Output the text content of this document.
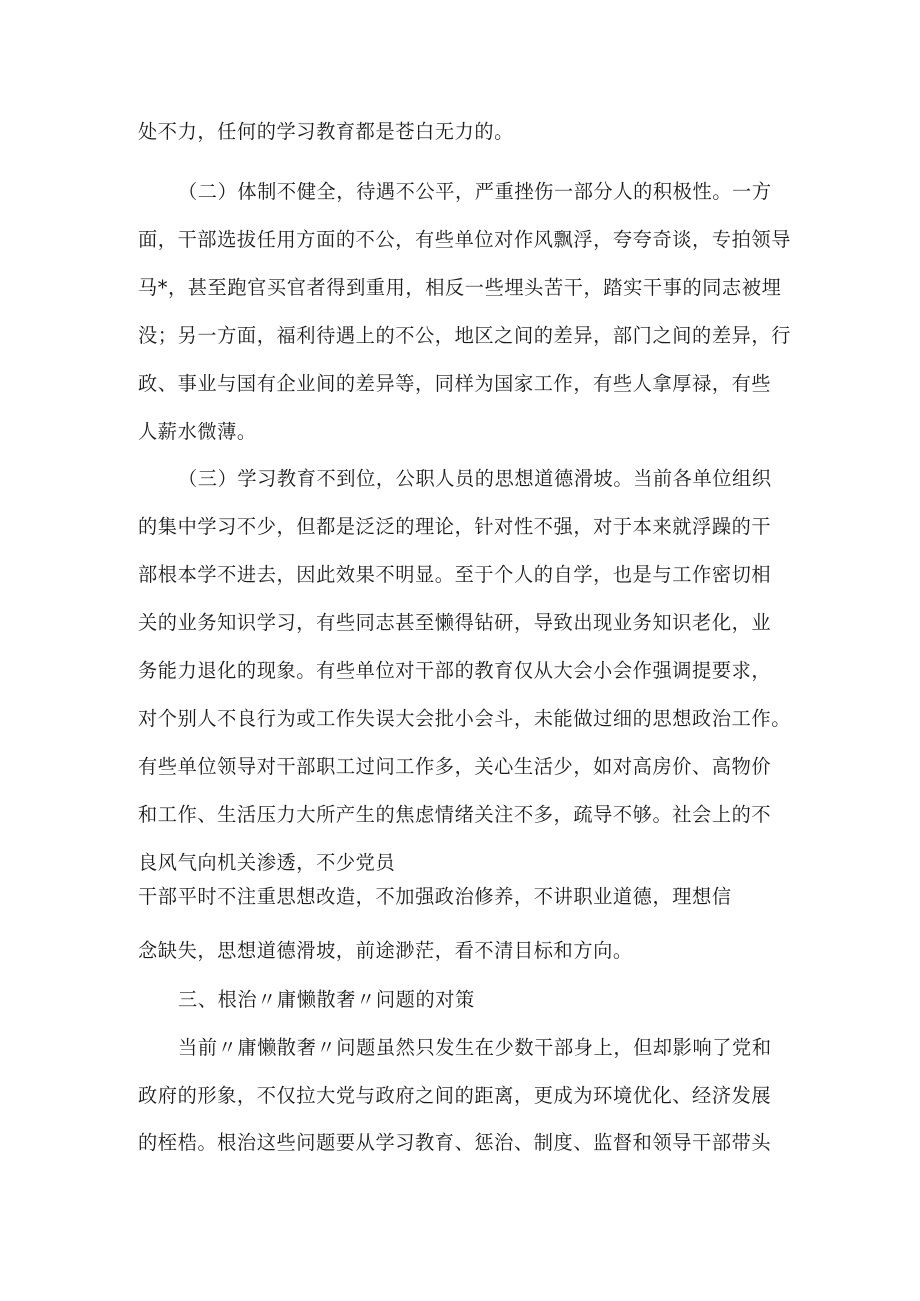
处不力，任何的学习教育都是苍白无力的。
（二）体制不健全，待遇不公平，严重挫伤一部分人的积极性。一方
面，干部选拔任用方面的不公，有些单位对作风飘浮，夸夸奇谈，专拍领导
马*，甚至跑官买官者得到重用，相反一些埋头苦干，踏实干事的同志被埋
没；另一方面，福利待遇上的不公，地区之间的差异，部门之间的差异，行
政、事业与国有企业间的差异等，同样为国家工作，有些人拿厚禄，有些
人薪水微薄。
（三）学习教育不到位，公职人员的思想道德滑坡。当前各单位组织
的集中学习不少，但都是泛泛的理论，针对性不强，对于本来就浮躁的干
部根本学不进去，因此效果不明显。至于个人的自学，也是与工作密切相
关的业务知识学习，有些同志甚至懒得钻研，导致出现业务知识老化，业
务能力退化的现象。有些单位对干部的教育仅从大会小会作强调提要求，
对个别人不良行为或工作失误大会批小会斗，未能做过细的思想政治工作。
有些单位领导对干部职工过问工作多，关心生活少，如对高房价、高物价
和工作、生活压力大所产生的焦虑情绪关注不多，疏导不够。社会上的不
良风气向机关渗透，不少党员
干部平时不注重思想改造，不加强政治修养，不讲职业道德，理想信
念缺失，思想道德滑坡，前途渺茫，看不清目标和方向。
三、根治〃庸懒散奢〃问题的对策
当前〃庸懒散奢〃问题虽然只发生在少数干部身上，但却影响了党和
政府的形象，不仅拉大党与政府之间的距离，更成为环境优化、经济发展
的桎梏。根治这些问题要从学习教育、惩治、制度、监督和领导干部带头
